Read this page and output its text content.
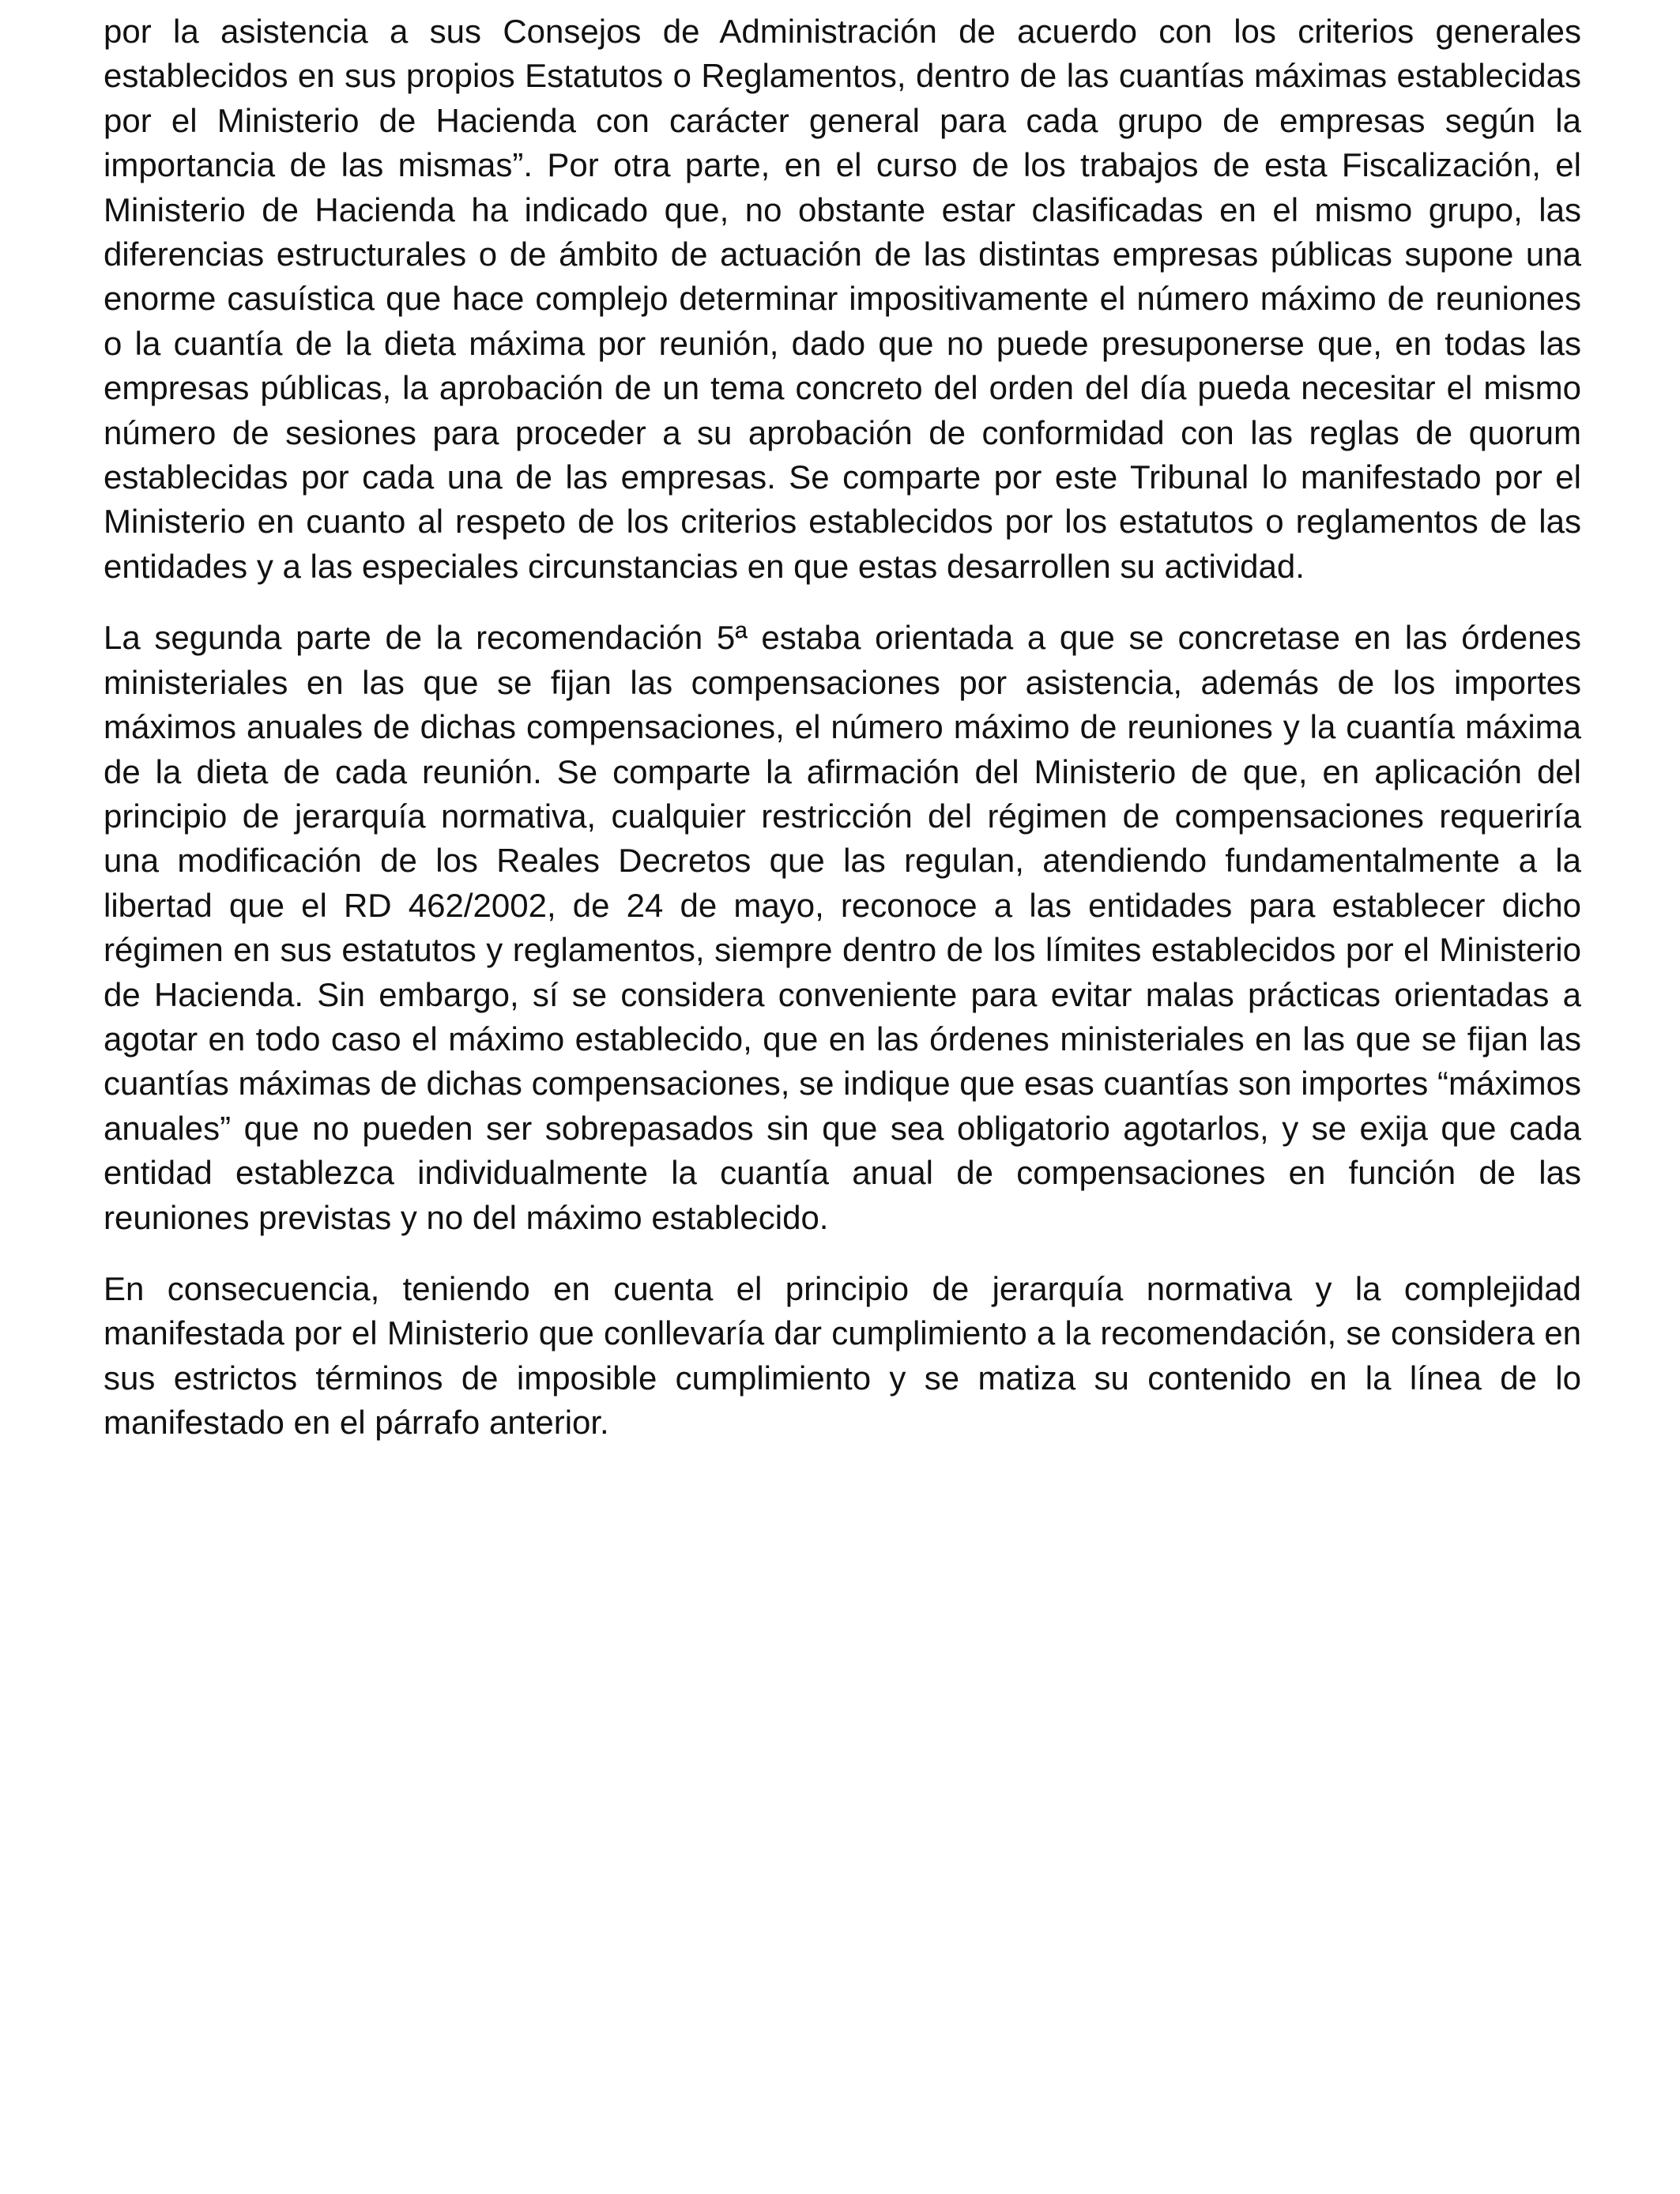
por la asistencia a sus Consejos de Administración de acuerdo con los criterios generales establecidos en sus propios Estatutos o Reglamentos, dentro de las cuantías máximas establecidas por el Ministerio de Hacienda con carácter general para cada grupo de empresas según la importancia de las mismas”. Por otra parte, en el curso de los trabajos de esta Fiscalización, el Ministerio de Hacienda ha indicado que, no obstante estar clasificadas en el mismo grupo, las diferencias estructurales o de ámbito de actuación de las distintas empresas públicas supone una enorme casuística que hace complejo determinar impositivamente el número máximo de reuniones o la cuantía de la dieta máxima por reunión, dado que no puede presuponerse que, en todas las empresas públicas, la aprobación de un tema concreto del orden del día pueda necesitar el mismo número de sesiones para proceder a su aprobación de conformidad con las reglas de quorum establecidas por cada una de las empresas. Se comparte por este Tribunal lo manifestado por el Ministerio en cuanto al respeto de los criterios establecidos por los estatutos o reglamentos de las entidades y a las especiales circunstancias en que estas desarrollen su actividad.

La segunda parte de la recomendación 5ª estaba orientada a que se concretase en las órdenes ministeriales en las que se fijan las compensaciones por asistencia, además de los importes máximos anuales de dichas compensaciones, el número máximo de reuniones y la cuantía máxima de la dieta de cada reunión. Se comparte la afirmación del Ministerio de que, en aplicación del principio de jerarquía normativa, cualquier restricción del régimen de compensaciones requeriría una modificación de los Reales Decretos que las regulan, atendiendo fundamentalmente a la libertad que el RD 462/2002, de 24 de mayo, reconoce a las entidades para establecer dicho régimen en sus estatutos y reglamentos, siempre dentro de los límites establecidos por el Ministerio de Hacienda. Sin embargo, sí se considera conveniente para evitar malas prácticas orientadas a agotar en todo caso el máximo establecido, que en las órdenes ministeriales en las que se fijan las cuantías máximas de dichas compensaciones, se indique que esas cuantías son importes “máximos anuales” que no pueden ser sobrepasados sin que sea obligatorio agotarlos, y se exija que cada entidad establezca individualmente la cuantía anual de compensaciones en función de las reuniones previstas y no del máximo establecido.

En consecuencia, teniendo en cuenta el principio de jerarquía normativa y la complejidad manifestada por el Ministerio que conllevaría dar cumplimiento a la recomendación, se considera en sus estrictos términos de imposible cumplimiento y se matiza su contenido en la línea de lo manifestado en el párrafo anterior.
